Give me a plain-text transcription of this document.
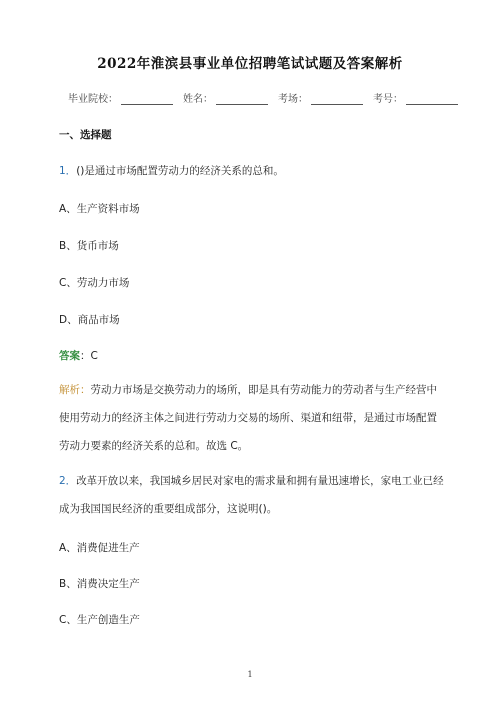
2022年淮滨县事业单位招聘笔试试题及答案解析
毕业院校：	姓名：	考场：	考号：
一、选择题
1．()是通过市场配置劳动力的经济关系的总和。
A、生产资料市场
B、货币市场
C、劳动力市场
D、商品市场
答案：C
解析：劳动力市场是交换劳动力的场所，即是具有劳动能力的劳动者与生产经营中使用劳动力的经济主体之间进行劳动力交易的场所、渠道和纽带，是通过市场配置劳动力要素的经济关系的总和。故选 C。
2．改革开放以来，我国城乡居民对家电的需求量和拥有量迅速增长，家电工业已经成为我国国民经济的重要组成部分，这说明()。
A、消费促进生产
B、消费决定生产
C、生产创造生产
1
